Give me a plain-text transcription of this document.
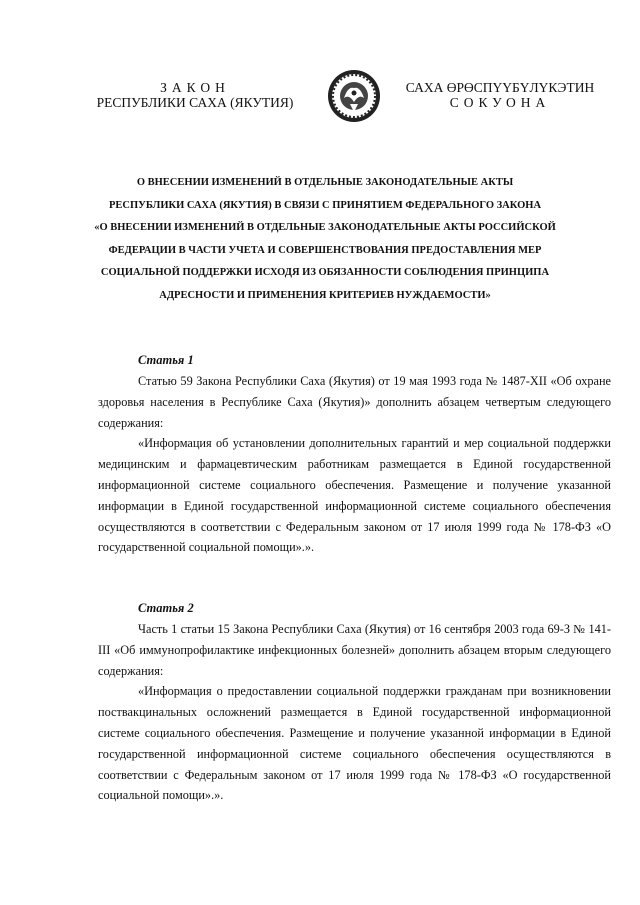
ЗАКОН
РЕСПУБЛИКИ САХА (ЯКУТИЯ)
САХА ӨРӨСПҮҮБҮЛҮКЭТИН
СОКУОНА
О ВНЕСЕНИИ ИЗМЕНЕНИЙ В ОТДЕЛЬНЫЕ ЗАКОНОДАТЕЛЬНЫЕ АКТЫ
РЕСПУБЛИКИ САХА (ЯКУТИЯ) В СВЯЗИ С ПРИНЯТИЕМ ФЕДЕРАЛЬНОГО ЗАКОНА
«О ВНЕСЕНИИ ИЗМЕНЕНИЙ В ОТДЕЛЬНЫЕ ЗАКОНОДАТЕЛЬНЫЕ АКТЫ РОССИЙСКОЙ
ФЕДЕРАЦИИ В ЧАСТИ УЧЕТА И СОВЕРШЕНСТВОВАНИЯ ПРЕДОСТАВЛЕНИЯ МЕР
СОЦИАЛЬНОЙ ПОДДЕРЖКИ ИСХОДЯ ИЗ ОБЯЗАННОСТИ СОБЛЮДЕНИЯ ПРИНЦИПА
АДРЕСНОСТИ И ПРИМЕНЕНИЯ КРИТЕРИЕВ НУЖДАЕМОСТИ»
Статья 1

Статью 59 Закона Республики Саха (Якутия) от 19 мая 1993 года № 1487-XII «Об охране здоровья населения в Республике Саха (Якутия)» дополнить абзацем четвертым следующего содержания:

«Информация об установлении дополнительных гарантий и мер социальной поддержки медицинским и фармацевтическим работникам размещается в Единой государственной информационной системе социального обеспечения. Размещение и получение указанной информации в Единой государственной информационной системе социального обеспечения осуществляются в соответствии с Федеральным законом от 17 июля 1999 года № 178-ФЗ «О государственной социальной помощи».».

Статья 2

Часть 1 статьи 15 Закона Республики Саха (Якутия) от 16 сентября 2003 года 69-З № 141-III «Об иммунопрофилактике инфекционных болезней» дополнить абзацем вторым следующего содержания:

«Информация о предоставлении социальной поддержки гражданам при возникновении поствакцинальных осложнений размещается в Единой государственной информационной системе социального обеспечения. Размещение и получение указанной информации в Единой государственной информационной системе социального обеспечения осуществляются в соответствии с Федеральным законом от 17 июля 1999 года № 178-ФЗ «О государственной социальной помощи».».
